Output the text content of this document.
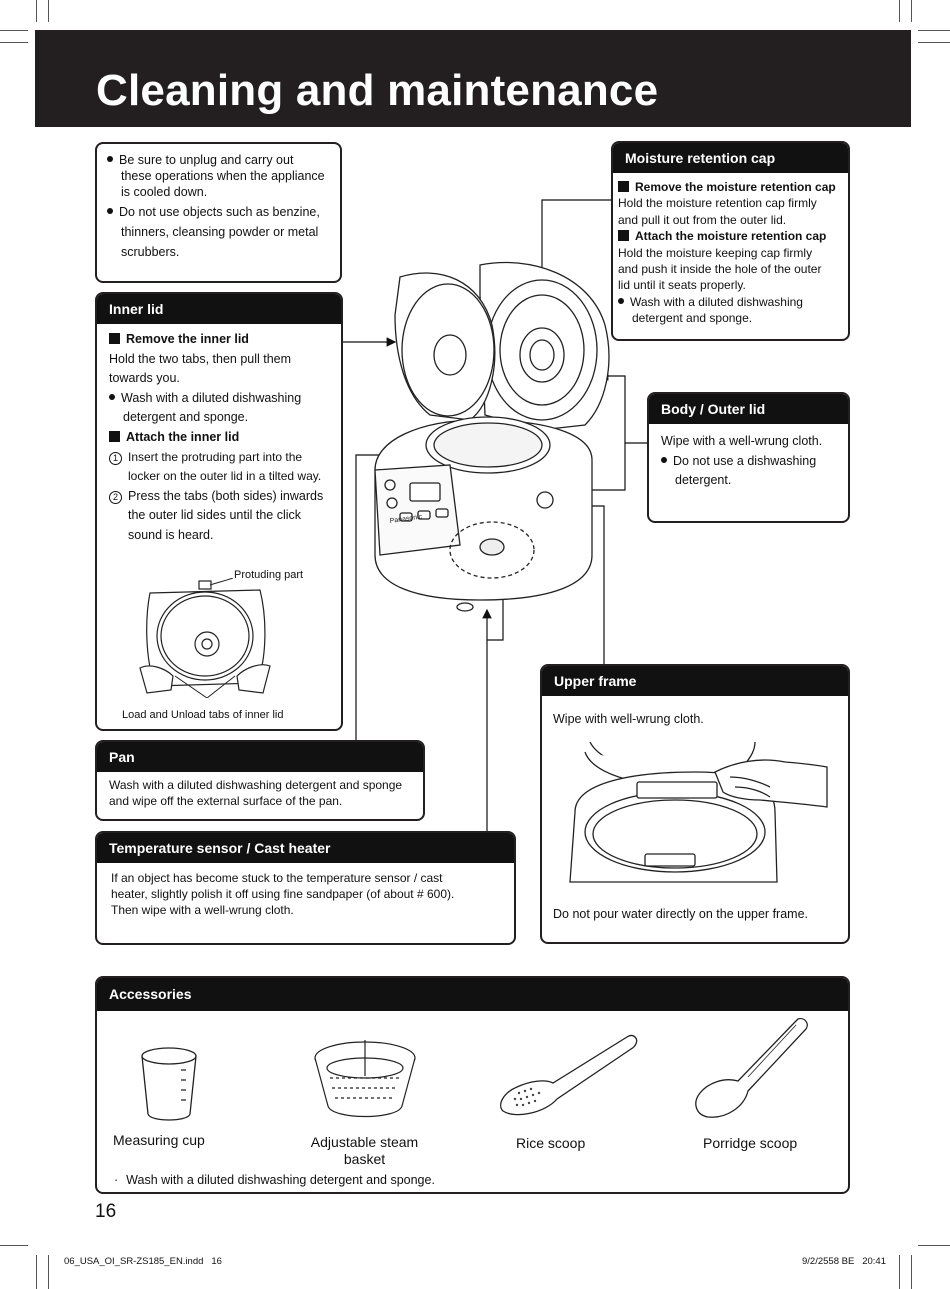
Cleaning and maintenance
Panasonic
Be sure to unplug and carry out
these operations when the appliance
is cooled down.
Do not use objects such as benzine,
thinners, cleansing powder or metal
scrubbers.
Inner lid
Remove the inner lid
Hold the two tabs, then pull them
towards you.
Wash with a diluted dishwashing
detergent and sponge.
Attach the inner lid
1 Insert the protruding part into the
locker on the outer lid in a tilted way.
2 Press the tabs (both sides) inwards
the outer lid sides until the click
sound is heard.
Protuding part
Load and Unload tabs of inner lid
Moisture retention cap
Remove the moisture retention cap
Hold the moisture retention cap firmly
and pull it out from the outer lid.
Attach the moisture retention cap
Hold the moisture keeping cap firmly
and push it inside the hole of the outer
lid until it seats properly.
Wash with a diluted dishwashing
detergent and sponge.
Body / Outer lid
Wipe with a well-wrung cloth.
Do not use a dishwashing
detergent.
Upper frame
Wipe with well-wrung cloth.
Do not pour water directly on the upper frame.
Pan
Wash with a diluted dishwashing detergent and sponge
and wipe off the external surface of the pan.
Temperature sensor / Cast heater
If an object has become stuck to the temperature sensor / cast
heater, slightly polish it off using fine sandpaper (of about # 600).
Then wipe with a well-wrung cloth.
Accessories
Measuring cup	Adjustable steam
basket
Rice scoop	Porridge scoop
· Wash with a diluted dishwashing detergent and sponge.
16
06_USA_OI_SR-ZS185_EN.indd   16	9/2/2558 BE   20:41
